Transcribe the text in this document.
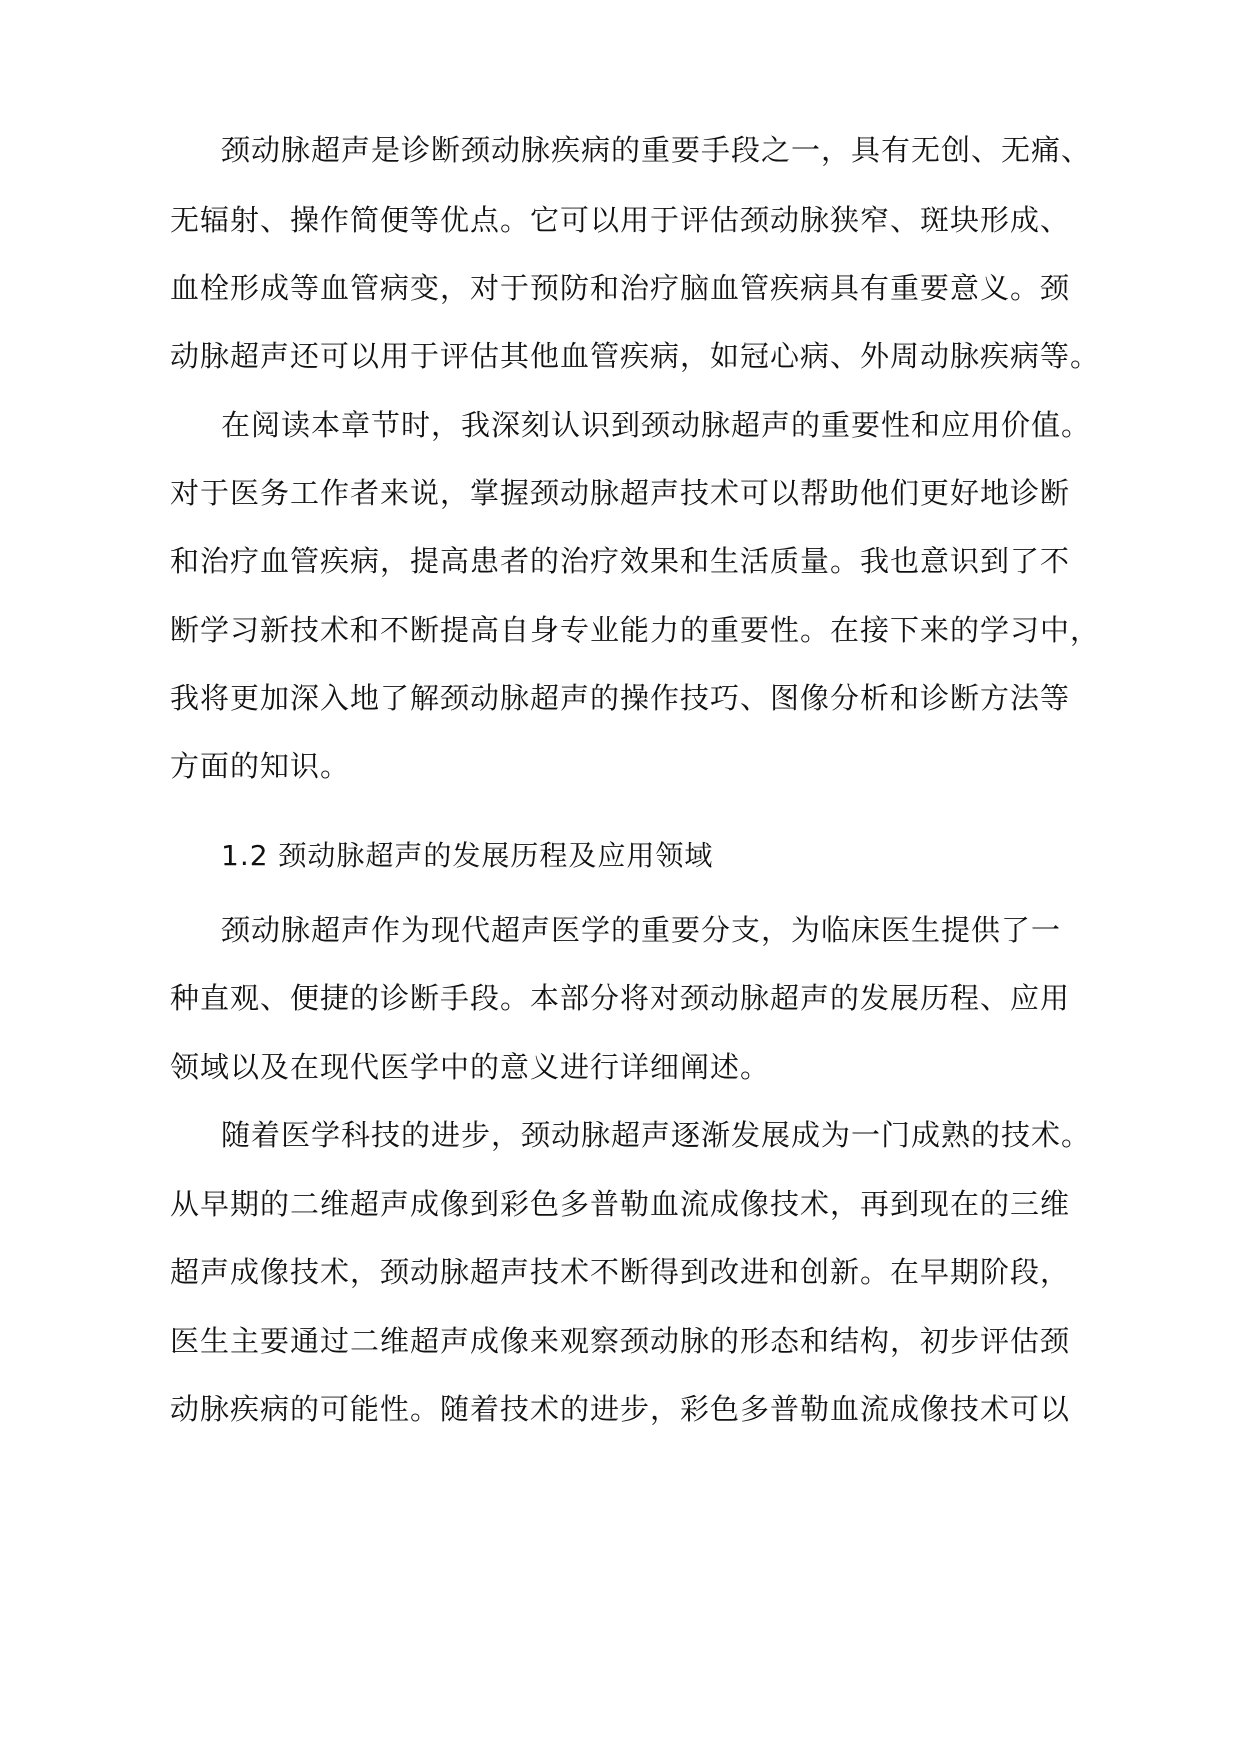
颈动脉超声是诊断颈动脉疾病的重要手段之一，具有无创、无痛、
无辐射、操作简便等优点。它可以用于评估颈动脉狭窄、斑块形成、
血栓形成等血管病变，对于预防和治疗脑血管疾病具有重要意义。颈
动脉超声还可以用于评估其他血管疾病，如冠心病、外周动脉疾病等。
在阅读本章节时，我深刻认识到颈动脉超声的重要性和应用价值。
对于医务工作者来说，掌握颈动脉超声技术可以帮助他们更好地诊断
和治疗血管疾病，提高患者的治疗效果和生活质量。我也意识到了不
断学习新技术和不断提高自身专业能力的重要性。在接下来的学习中，
我将更加深入地了解颈动脉超声的操作技巧、图像分析和诊断方法等
方面的知识。
1.2 颈动脉超声的发展历程及应用领域
颈动脉超声作为现代超声医学的重要分支，为临床医生提供了一
种直观、便捷的诊断手段。本部分将对颈动脉超声的发展历程、应用
领域以及在现代医学中的意义进行详细阐述。
随着医学科技的进步，颈动脉超声逐渐发展成为一门成熟的技术。
从早期的二维超声成像到彩色多普勒血流成像技术，再到现在的三维
超声成像技术，颈动脉超声技术不断得到改进和创新。在早期阶段，
医生主要通过二维超声成像来观察颈动脉的形态和结构，初步评估颈
动脉疾病的可能性。随着技术的进步，彩色多普勒血流成像技术可以
